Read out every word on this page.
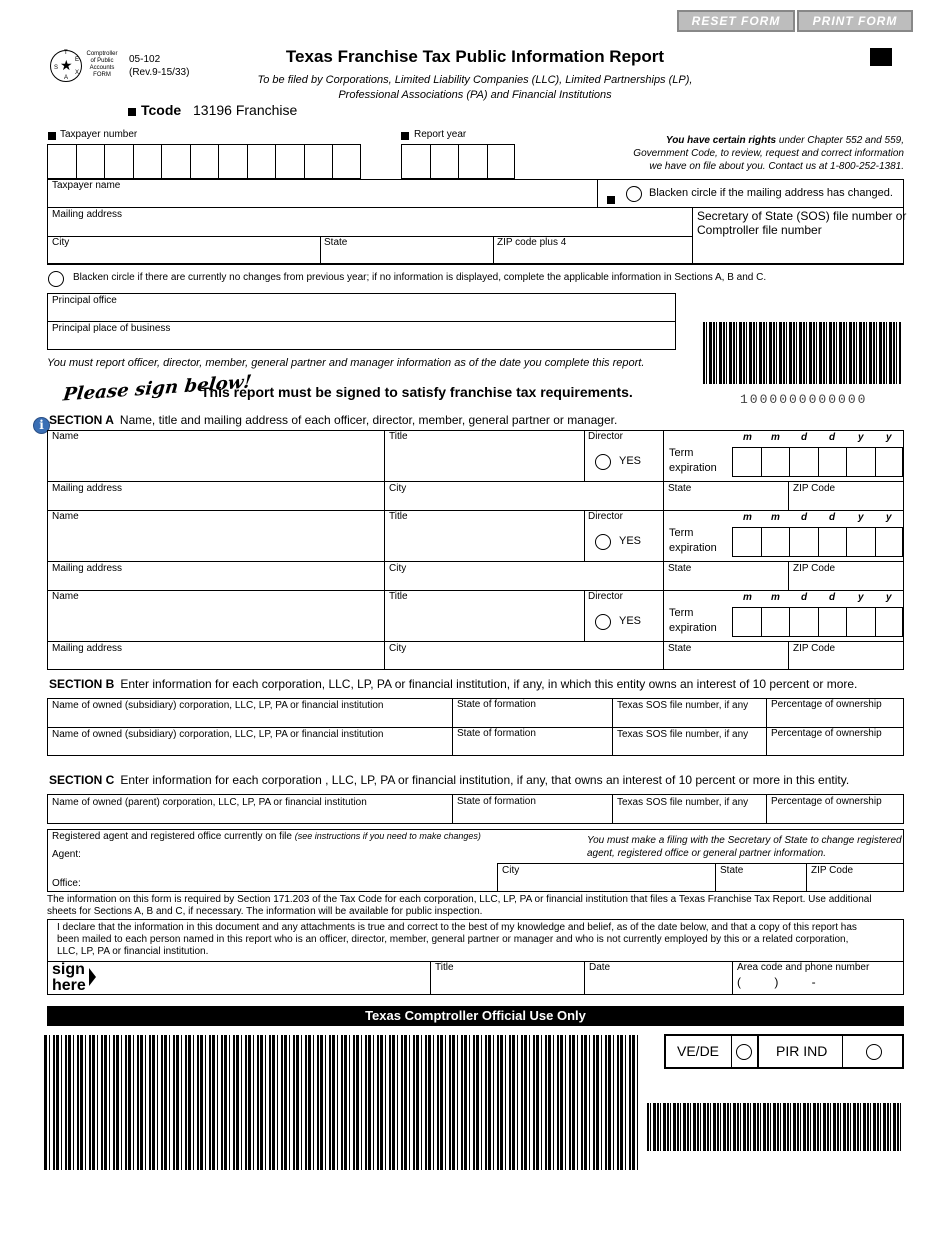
RESET FORM	PRINT FORM
★
T
E
X
A
S
Comptroller
of Public
Accounts
FORM
05-102
(Rev.9-15/33)
Texas Franchise Tax Public Information Report
To be filed by Corporations, Limited Liability Companies (LLC), Limited Partnerships (LP),
Professional Associations (PA) and Financial Institutions
Tcode 13196 Franchise
Taxpayer number	Report year
You have certain rights under Chapter 552 and 559,
Government Code, to review, request and correct information
we have on file about you. Contact us at 1-800-252-1381.
Taxpayer name
Blacken circle if the mailing address has changed.
Mailing address	Secretary of State (SOS) file number or
Comptroller file number
City	State	ZIP code plus 4
Blacken circle if there are currently no changes from previous year; if no information is displayed, complete the applicable information in Sections A, B and C.
Principal office
Principal place of business
You must report officer, director, member, general partner and manager information as of the date you complete this report.
1000000000000
Please sign below!
This report must be signed to satisfy franchise tax requirements.
i SECTION A Name, title and mailing address of each officer, director, member, general partner or manager.
Name	Title	Director
YES
Term
expiration
m m d d y y
Mailing address	City	State	ZIP Code
Name	Title	Director
YES
Term
expiration
m m d d y y
Mailing address	City	State	ZIP Code
Name	Title	Director
YES
Term
expiration
m m d d y y
Mailing address	City	State	ZIP Code
SECTION B Enter information for each corporation, LLC, LP, PA or financial institution, if any, in which this entity owns an interest of 10 percent or more.
Name of owned (subsidiary) corporation, LLC, LP, PA or financial institution	State of formation	Texas SOS file number, if any Percentage of ownership
Name of owned (subsidiary) corporation, LLC, LP, PA or financial institution	State of formation	Texas SOS file number, if any Percentage of ownership
SECTION C Enter information for each corporation , LLC, LP, PA or financial institution, if any, that owns an interest of 10 percent or more in this entity.
Name of owned (parent) corporation, LLC, LP, PA or financial institution	State of formation	Texas SOS file number, if any Percentage of ownership
Registered agent and registered office currently on file (see instructions if you need to make changes)	You must make a filing with the Secretary of State to change registered
agent, registered office or general partner information.
Agent:
Office:
City	State	ZIP Code
The information on this form is required by Section 171.203 of the Tax Code for each corporation, LLC, LP, PA or financial institution that files a Texas Franchise Tax Report. Use additional
sheets for Sections A, B and C, if necessary. The information will be available for public inspection.
I declare that the information in this document and any attachments is true and correct to the best of my knowledge and belief, as of the date below, and that a copy of this report has
been mailed to each person named in this report who is an officer, director, member, general partner or manager and who is not currently employed by this or a related corporation,
LLC, LP, PA or financial institution.
sign
here
Title	Date	Area code and phone number
(          )          -
Texas Comptroller Official Use Only
VE/DE	PIR IND
